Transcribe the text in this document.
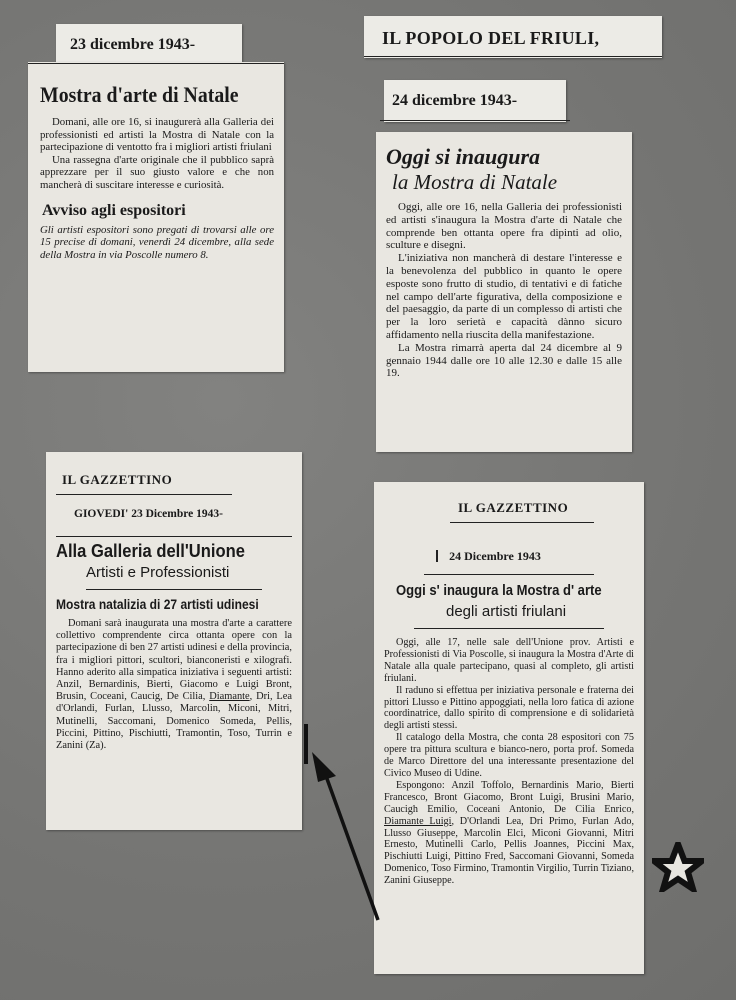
23 dicembre 1943-
Mostra d'arte di Natale

Domani, alle ore 16, si inaugurerà alla Galleria dei professionisti ed artisti la Mostra di Natale con la partecipazione di ventotto fra i migliori artisti friulani

Una rassegna d'arte originale che il pubblico saprà apprezzare per il suo giusto valore e che non mancherà di suscitare interesse e curiosità.

Avviso agli espositori
Gli artisti espositori sono pregati di trovarsi alle ore 15 precise di domani, venerdì 24 dicembre, alla sede della Mostra in via Poscolle numero 8.
IL POPOLO DEL FRIULI,
24 dicembre 1943-
Oggi si inaugura
la Mostra di Natale

Oggi, alle ore 16, nella Galleria dei professionisti ed artisti s'inaugura la Mostra d'arte di Natale che comprende ben ottanta opere fra dipinti ad olio, sculture e disegni.

L'iniziativa non mancherà di destare l'interesse e la benevolenza del pubblico in quanto le opere esposte sono frutto di studio, di tentativi e di fatiche nel campo dell'arte figurativa, della composizione e del paesaggio, da parte di un complesso di artisti che per la loro serietà e capacità dànno sicuro affidamento nella riuscita della manifestazione.

La Mostra rimarrà aperta dal 24 dicembre al 9 gennaio 1944 dalle ore 10 alle 12.30 e dalle 15 alle 19.

IL GAZZETTINO
GIOVEDI' 23 Dicembre 1943-
Alla Galleria dell'Unione
Artisti e Professionisti
Mostra natalizia di 27 artisti udinesi
Domani sarà inaugurata una mostra d'arte a carattere collettivo comprendente circa ottanta opere con la partecipazione di ben 27 artisti udinesi e della provincia, fra i migliori pittori, scultori, bianconeristi e xilografi. Hanno aderito alla simpatica iniziativa i seguenti artisti: Anzil, Bernardinis, Bierti, Giacomo e Luigi Bront, Brusin, Coceani, Caucig, De Cilia, Diamante, Dri, Lea d'Orlandi, Furlan, Llusso, Marcolin, Miconi, Mitri, Mutinelli, Saccomani, Domenico Someda, Pellis, Piccini, Pittino, Pischiutti, Tramontin, Toso, Turrin e Zanini (Za).
IL GAZZETTINO
24 Dicembre 1943
Oggi s' inaugura la Mostra d' arte
degli artisti friulani

Oggi, alle 17, nelle sale dell'Unione prov. Artisti e Professionisti di Via Poscolle, si inaugura la Mostra d'Arte di Natale alla quale partecipano, quasi al completo, gli artisti friulani.

Il raduno si effettua per iniziativa personale e fraterna dei pittori Llusso e Pittino appoggiati, nella loro fatica di azione coordinatrice, dallo spirito di comprensione e di solidarietà degli artisti stessi.

Il catalogo della Mostra, che conta 28 espositori con 75 opere tra pittura scultura e bianco-nero, porta prof. Someda de Marco Direttore del una interessante presentazione del Civico Museo di Udine.

Espongono: Anzil Toffolo, Bernardinis Mario, Bierti Francesco, Bront Giacomo, Bront Luigi, Brusini Mario, Caucigh Emilio, Coceani Antonio, De Cilia Enrico, Diamante Luigi, D'Orlandi Lea, Dri Primo, Furlan Ado, Llusso Giuseppe, Marcolin Elci, Miconi Giovanni, Mitri Ernesto, Mutinelli Carlo, Pellis Joannes, Piccini Max, Pischiutti Luigi, Pittino Fred, Saccomani Giovanni, Someda Domenico, Toso Firmino, Tramontin Virgilio, Turrin Tiziano, Zanini Giuseppe.
